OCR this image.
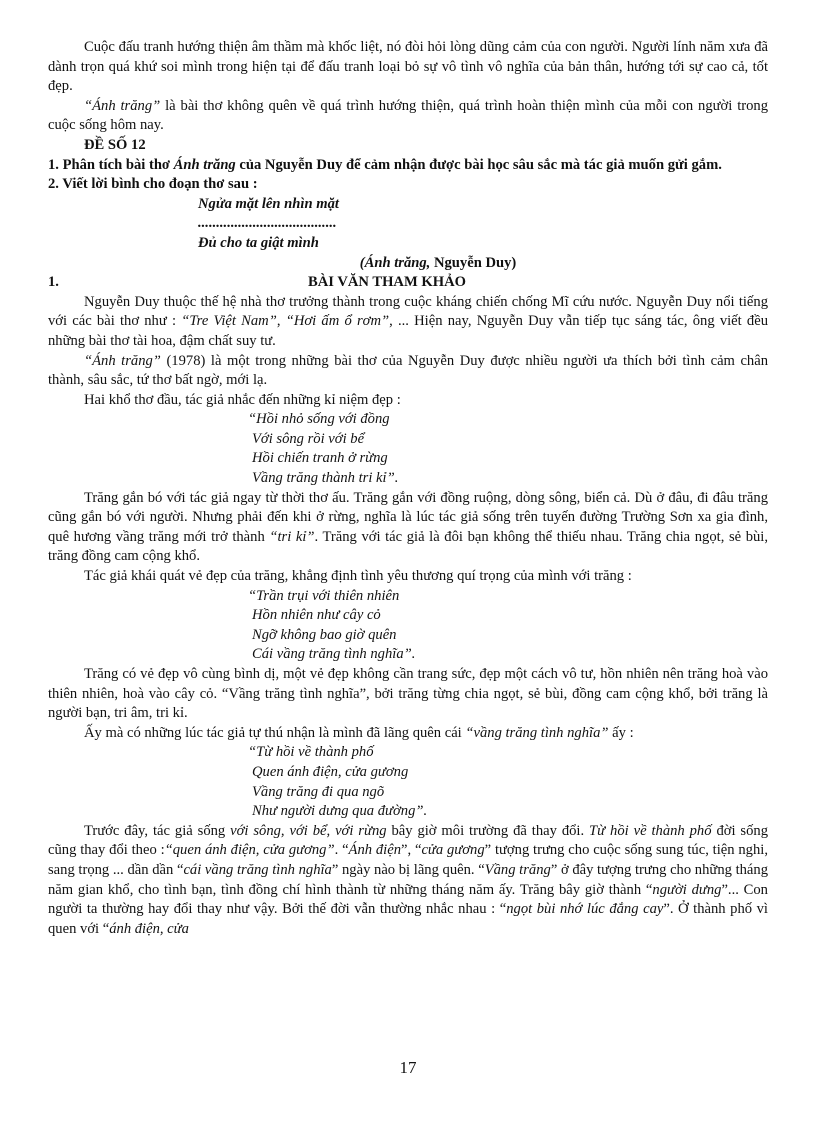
Cuộc đấu tranh hướng thiện âm thầm mà khốc liệt, nó đòi hỏi lòng dũng cảm của con người. Người lính năm xưa đã dành trọn quá khứ soi mình trong hiện tại để đấu tranh loại bỏ sự vô tình vô nghĩa của bản thân, hướng tới sự cao cả, tốt đẹp.

“Ánh trăng” là bài thơ không quên về quá trình hướng thiện, quá trình hoàn thiện mình của mỗi con người trong cuộc sống hôm nay.

ĐỀ SỐ 12

1. Phân tích bài thơ Ánh trăng của Nguyễn Duy để cảm nhận được bài học sâu sắc mà tác giả muốn gửi gắm.

2. Viết lời bình cho đoạn thơ sau :

Ngửa mặt lên nhìn mặt
......................................
Đủ cho ta giật mình

(Ánh trăng, Nguyễn Duy)

1.	BÀI VĂN THAM KHẢO

Nguyễn Duy thuộc thế hệ nhà thơ trưởng thành trong cuộc kháng chiến chống Mĩ cứu nước. Nguyễn Duy nổi tiếng với các bài thơ như : “Tre Việt Nam”, “Hơi ấm ổ rơm”, ... Hiện nay, Nguyễn Duy vẫn tiếp tục sáng tác, ông viết đều những bài thơ tài hoa, đậm chất suy tư.

“Ánh trăng” (1978) là một trong những bài thơ của Nguyễn Duy được nhiều người ưa thích bởi tình cảm chân thành, sâu sắc, tứ thơ bất ngờ, mới lạ.

Hai khổ thơ đầu, tác giả nhắc đến những kỉ niệm đẹp :

“Hồi nhỏ sống với đồng
Với sông rồi với bể
Hồi chiến tranh ở rừng
Vầng trăng thành tri kỉ”.

Trăng gắn bó với tác giả ngay từ thời thơ ấu. Trăng gắn với đồng ruộng, dòng sông, biển cả. Dù ở đâu, đi đâu trăng cũng gắn bó với người. Nhưng phải đến khi ở rừng, nghĩa là lúc tác giả sống trên tuyến đường Trường Sơn xa gia đình, quê hương vầng trăng mới trở thành “tri kỉ”. Trăng với tác giả là đôi bạn không thể thiếu nhau. Trăng chia ngọt, sẻ bùi, trăng đồng cam cộng khổ.

Tác giả khái quát vẻ đẹp của trăng, khẳng định tình yêu thương quí trọng của mình với trăng :

“Trần trụi với thiên nhiên
Hồn nhiên như cây cỏ
Ngỡ không bao giờ quên
Cái vầng trăng tình nghĩa”.

Trăng có vẻ đẹp vô cùng bình dị, một vẻ đẹp không cần trang sức, đẹp một cách vô tư, hồn nhiên nên trăng hoà vào thiên nhiên, hoà vào cây cỏ. “Vầng trăng tình nghĩa”, bởi trăng từng chia ngọt, sẻ bùi, đồng cam cộng khổ, bởi trăng là người bạn, tri âm, tri kỉ.

Ấy mà có những lúc tác giả tự thú nhận là mình đã lãng quên cái “vầng trăng tình nghĩa” ấy :

“Từ hồi về thành phố
Quen ánh điện, cửa gương
Vầng trăng đi qua ngõ
Như người dưng qua đường”.

Trước đây, tác giả sống với sông, với bể, với rừng bây giờ môi trường đã thay đổi. Từ hồi về thành phố đời sống cũng thay đổi theo :“quen ánh điện, cửa gương”. “Ánh điện”, “cửa gương” tượng trưng cho cuộc sống sung túc, tiện nghi, sang trọng ... dần dần “cái vầng trăng tình nghĩa” ngày nào bị lãng quên. “Vầng trăng” ở đây tượng trưng cho những tháng năm gian khổ, cho tình bạn, tình đồng chí hình thành từ những tháng năm ấy. Trăng bây giờ thành “người dưng”... Con người ta thường hay đổi thay như vậy. Bởi thế đời vẫn thường nhắc nhau : “ngọt bùi nhớ lúc đắng cay”. Ở thành phố vì quen với “ánh điện, cửa

17
